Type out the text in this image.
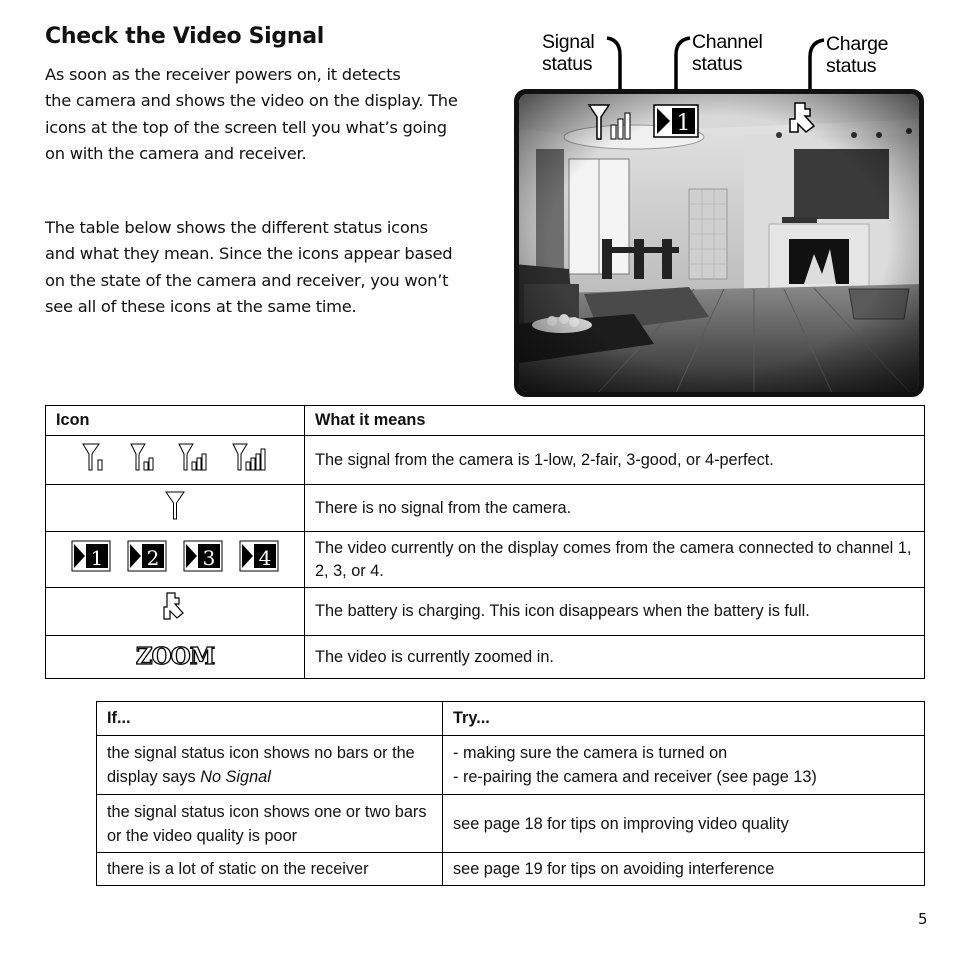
Check the Video Signal

As soon as the receiver powers on, it detects
the camera and shows the video on the display. The
icons at the top of the screen tell you what’s going
on with the camera and receiver.

The table below shows the different status icons
and what they mean. Since the icons appear based
on the state of the camera and receiver, you won’t
see all of these icons at the same time.

Signal
status
Channel
status
Charge
status
1
Icon	What it means

	The signal from the camera is 1-low, 2-fair, 3-good, or 4-perfect.
	There is no signal from the camera.

1 2 3 4	The video currently on the display comes from the camera connected to channel 1, 2, 3, or 4.
	The battery is charging. This icon disappears when the battery is full.

ZOOM	The video is currently zoomed in.
If...	Try...
the signal status icon shows no bars or the display says No Signal	- making sure the camera is turned on
- re-pairing the camera and receiver (see page 13)

the signal status icon shows one or two bars or the video quality is poor	see page 18 for tips on improving video quality
there is a lot of static on the receiver	see page 19 for tips on avoiding interference
5
